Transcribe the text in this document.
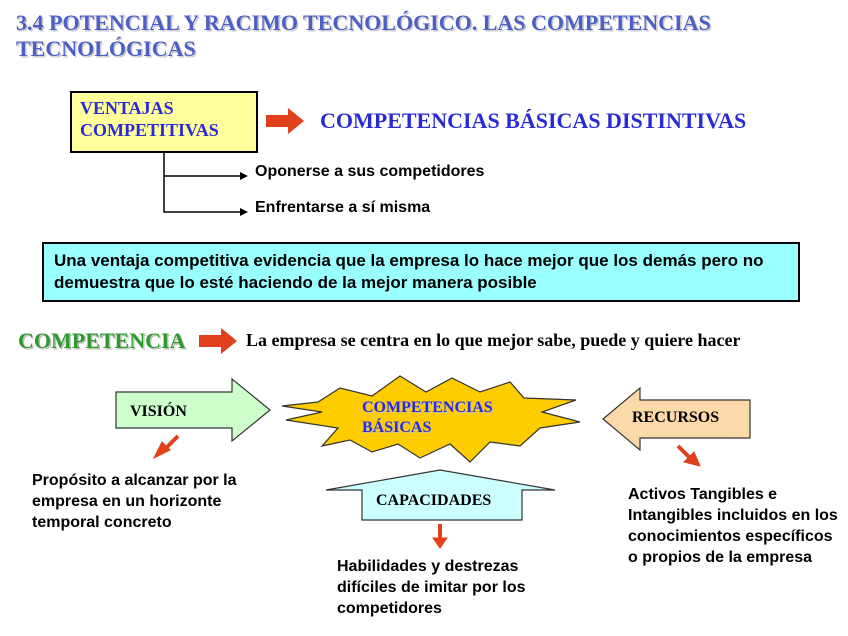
3.4 POTENCIAL Y RACIMO TECNOLÓGICO. LAS COMPETENCIAS TECNOLÓGICAS
VENTAJAS
COMPETITIVAS	COMPETENCIAS BÁSICAS DISTINTIVAS
Oponerse a sus competidores
Enfrentarse a sí misma
Una ventaja competitiva evidencia que la empresa lo hace mejor que los demás pero no demuestra que lo esté haciendo de la mejor manera posible
COMPETENCIA	La empresa se centra en lo que mejor sabe, puede y quiere hacer
VISIÓN	COMPETENCIAS
BÁSICAS
RECURSOS
CAPACIDADES
Propósito a alcanzar por la empresa en un horizonte temporal concreto
Habilidades y destrezas difíciles de imitar por los competidores
Activos Tangibles e Intangibles incluidos en los conocimientos específicos o propios de la empresa
